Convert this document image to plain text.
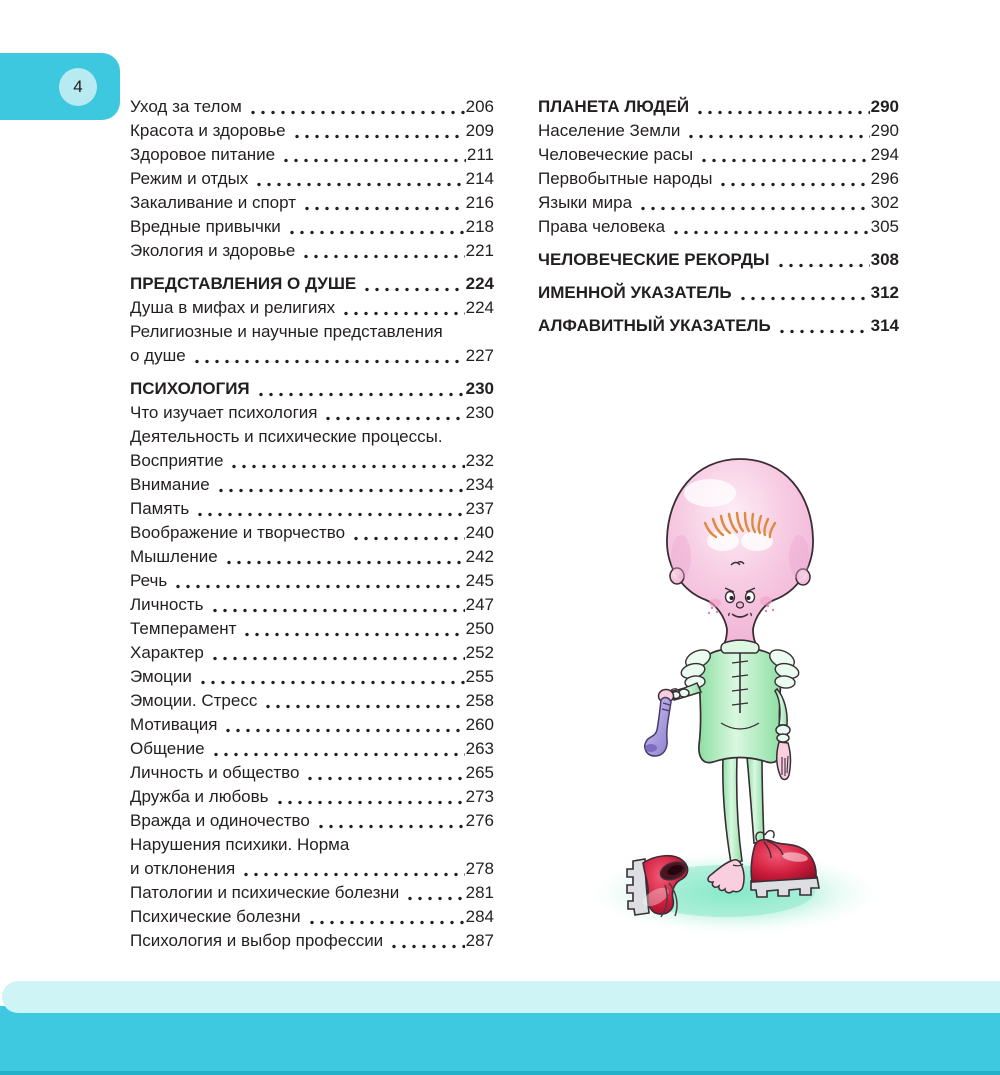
4
Уход за телом	206
Красота и здоровье	209
Здоровое питание	211
Режим и отдых	214
Закаливание и спорт	216
Вредные привычки	218
Экология и здоровье	221
ПРЕДСТАВЛЕНИЯ О ДУШЕ	224
Душа в мифах и религиях	224
Религиозные и научные представления
о душе	227
ПСИХОЛОГИЯ	230
Что изучает психология	230
Деятельность и психические процессы.
Восприятие	232
Внимание	234
Память	237
Воображение и творчество	240
Мышление	242
Речь	245
Личность	247
Темперамент	250
Характер	252
Эмоции	255
Эмоции. Стресс	258
Мотивация	260
Общение	263
Личность и общество	265
Дружба и любовь	273
Вражда и одиночество	276
Нарушения психики. Норма
и отклонения	278
Патологии и психические болезни	281
Психические болезни	284
Психология и выбор профессии	287
ПЛАНЕТА ЛЮДЕЙ	290
Население Земли	290
Человеческие расы	294
Первобытные народы	296
Языки мира	302
Права человека	305
ЧЕЛОВЕЧЕСКИЕ РЕКОРДЫ	308
ИМЕННОЙ УКАЗАТЕЛЬ	312
АЛФАВИТНЫЙ УКАЗАТЕЛЬ	314
